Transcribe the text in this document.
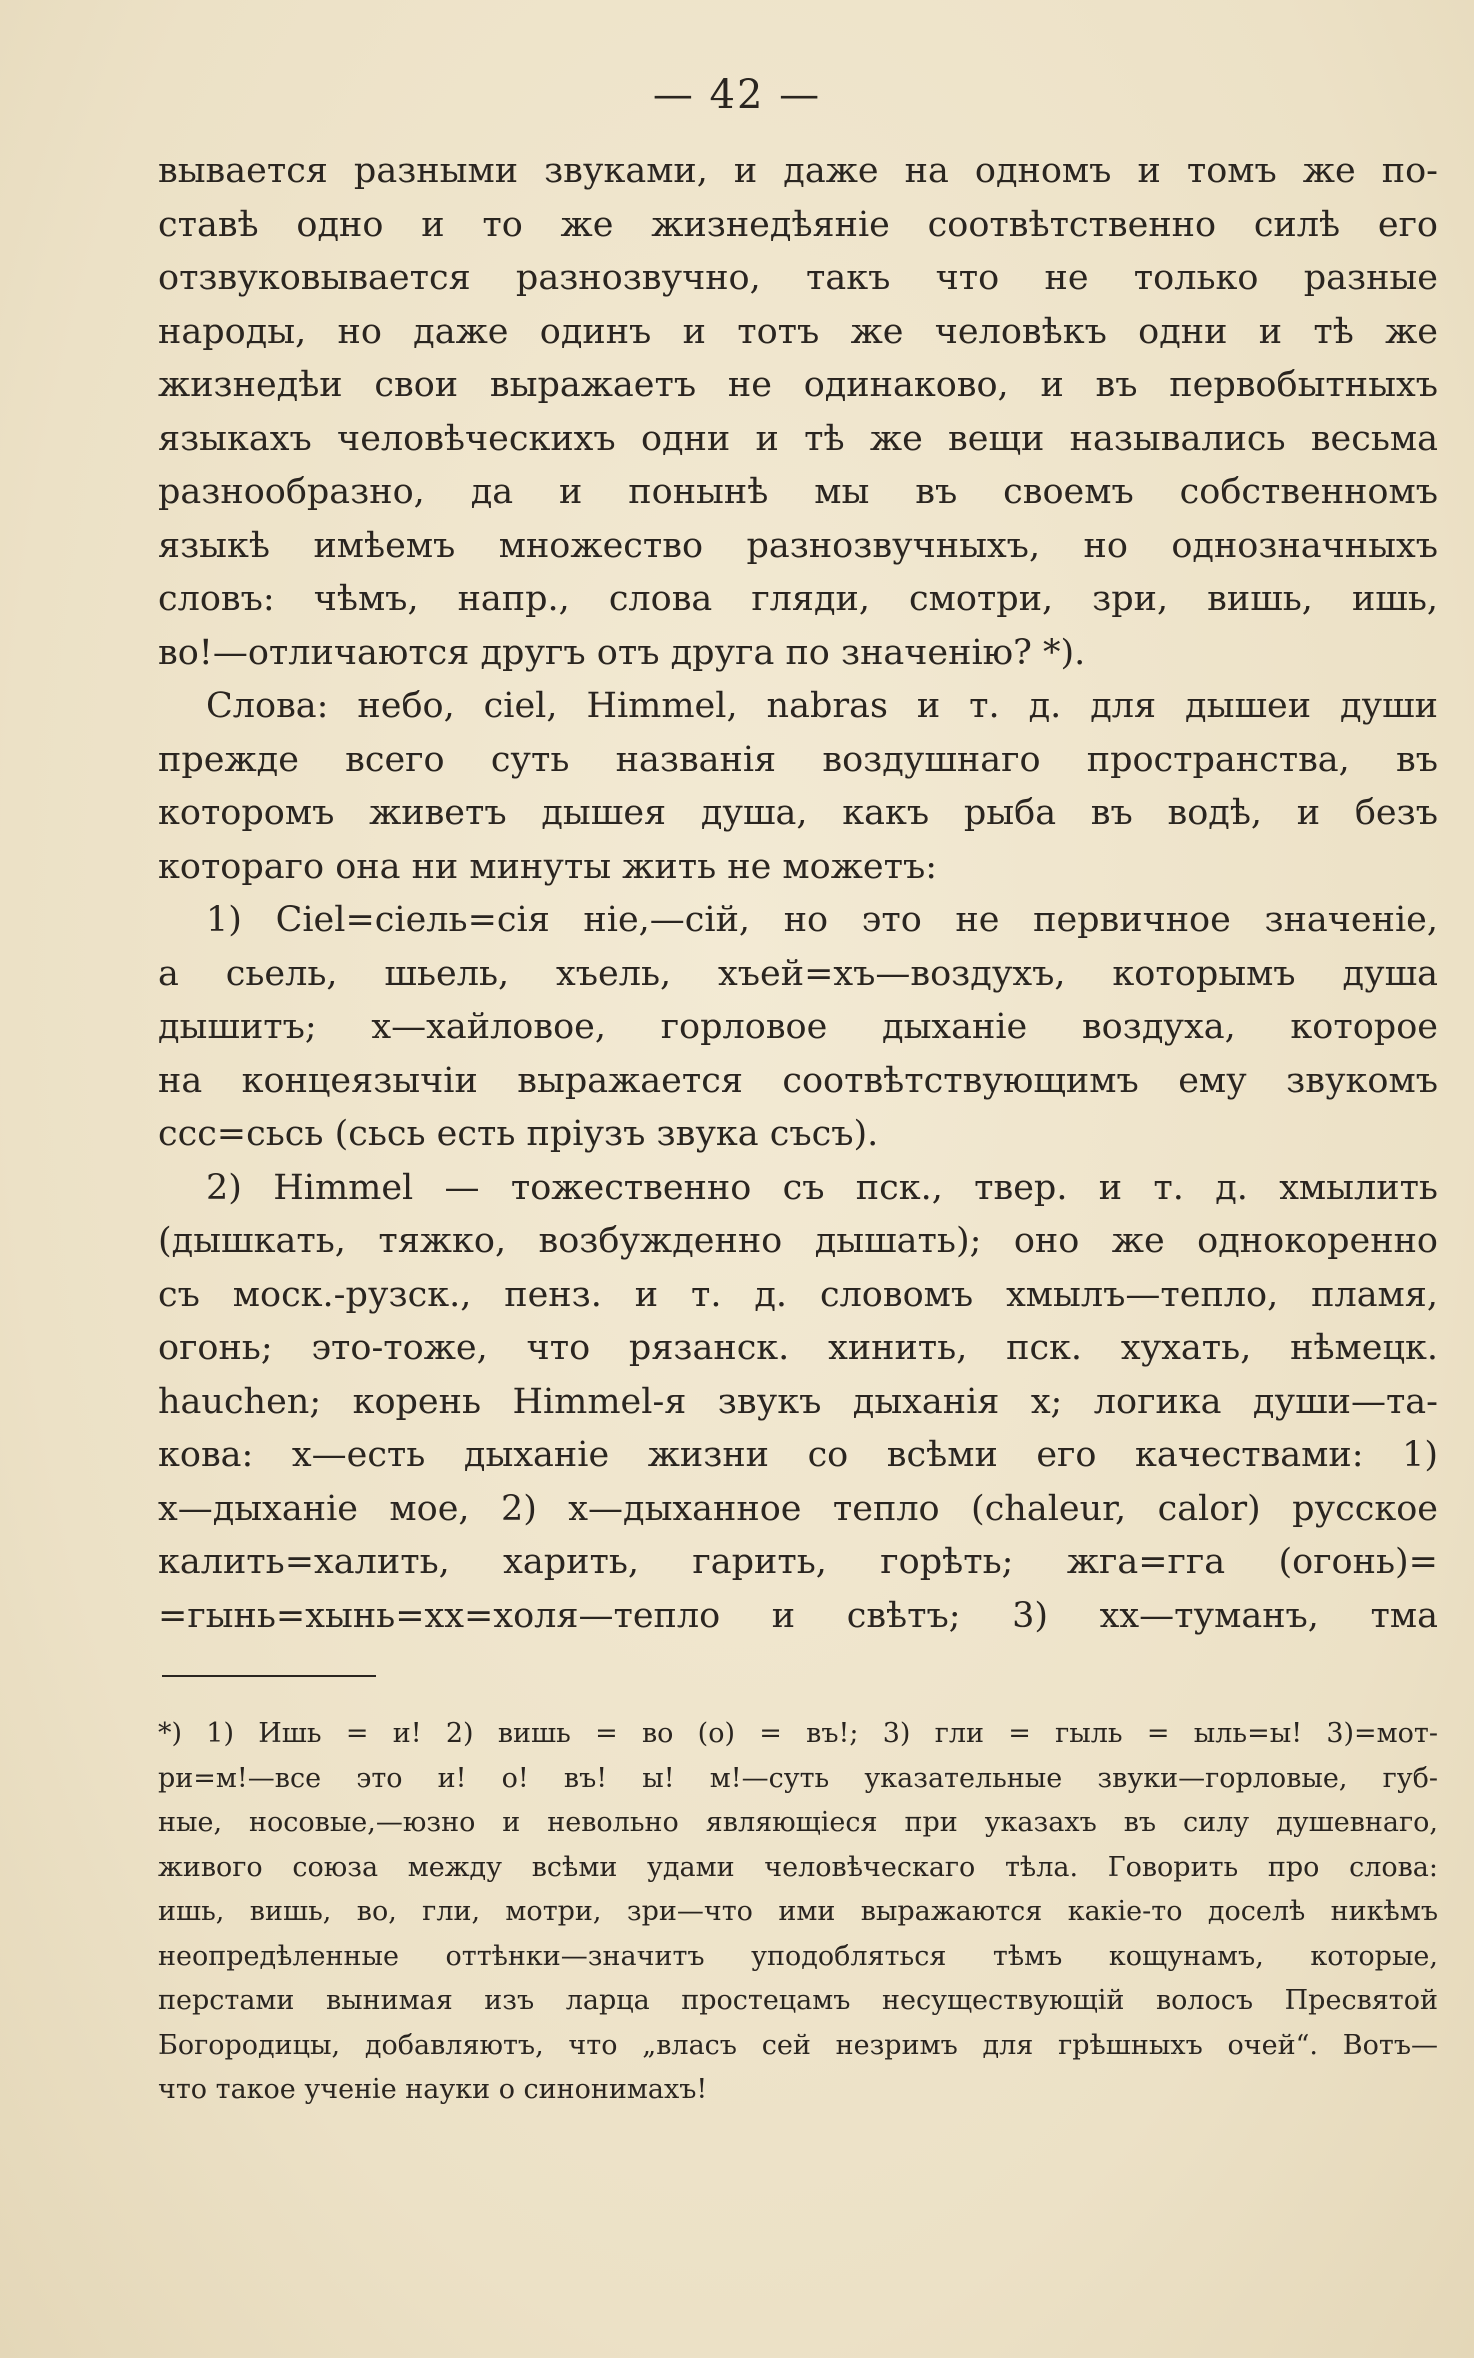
— 42 —
вывается разными звуками, и даже на одномъ и томъ же по-
ставѣ одно и то же жизнедѣяніе соотвѣтственно силѣ его
отзвуковывается разнозвучно, такъ что не только разные
народы, но даже одинъ и тотъ же человѣкъ одни и тѣ же
жизнедѣи свои выражаетъ не одинаково, и въ первобытныхъ
языкахъ человѣческихъ одни и тѣ же вещи назывались весьма
разнообразно, да и понынѣ мы въ своемъ собственномъ
языкѣ имѣемъ множество разнозвучныхъ, но однозначныхъ
словъ: чѣмъ, напр., слова гляди, смотри, зри, вишь, ишь,
во!—отличаются другъ отъ друга по значенію? *).
Слова: небо, ciel, Himmel, nabras и т. д. для дышеи души
прежде всего суть названія воздушнаго пространства, въ
которомъ живетъ дышея душа, какъ рыба въ водѣ, и безъ
котораго она ни минуты жить не можетъ:
1) Ciel=сіель=сія ніе,—сій, но это не первичное значеніе,
а сьель, шьель, хъель, хъей=хъ—воздухъ, которымъ душа
дышитъ; х—хайловое, горловое дыханіе воздуха, которое
на концеязычіи выражается соотвѣтствующимъ ему звукомъ
ссс=сьсь (сьсь есть пріузъ звука съсъ).
2) Himmel — тожественно съ пск., твер. и т. д. хмылить
(дышкать, тяжко, возбужденно дышать); оно же однокоренно
съ моск.-рузск., пенз. и т. д. словомъ хмылъ—тепло, пламя,
огонь; это-тоже, что рязанск. хинить, пск. хухать, нѣмецк.
hauchen; корень Himmel-я звукъ дыханія х; логика души—та-
кова: х—есть дыханіе жизни со всѣми его качествами: 1)
х—дыханіе мое, 2) х—дыханное тепло (chaleur, calor) русское
калить=халить, харить, гарить, горѣть; жга=гга (огонь)=
=гынь=хынь=хх=холя—тепло и свѣтъ; 3) хх—туманъ, тма
*) 1) Ишь = и! 2) вишь = во (о) = въ!; 3) гли = гыль = ыль=ы! 3)=мот-
ри=м!—все это и! о! въ! ы! м!—суть указательные звуки—горловые, губ-
ные, носовые,—юзно и невольно являющіеся при указахъ въ силу душевнаго,
живого союза между всѣми удами человѣческаго тѣла. Говорить про слова:
ишь, вишь, во, гли, мотри, зри—что ими выражаются какіе-то доселѣ никѣмъ
неопредѣленные оттѣнки—значитъ уподобляться тѣмъ кощунамъ, которые,
перстами вынимая изъ ларца простецамъ несуществующій волосъ Пресвятой
Богородицы, добавляютъ, что „власъ сей незримъ для грѣшныхъ очей“. Вотъ—
что такое ученіе науки о синонимахъ!
